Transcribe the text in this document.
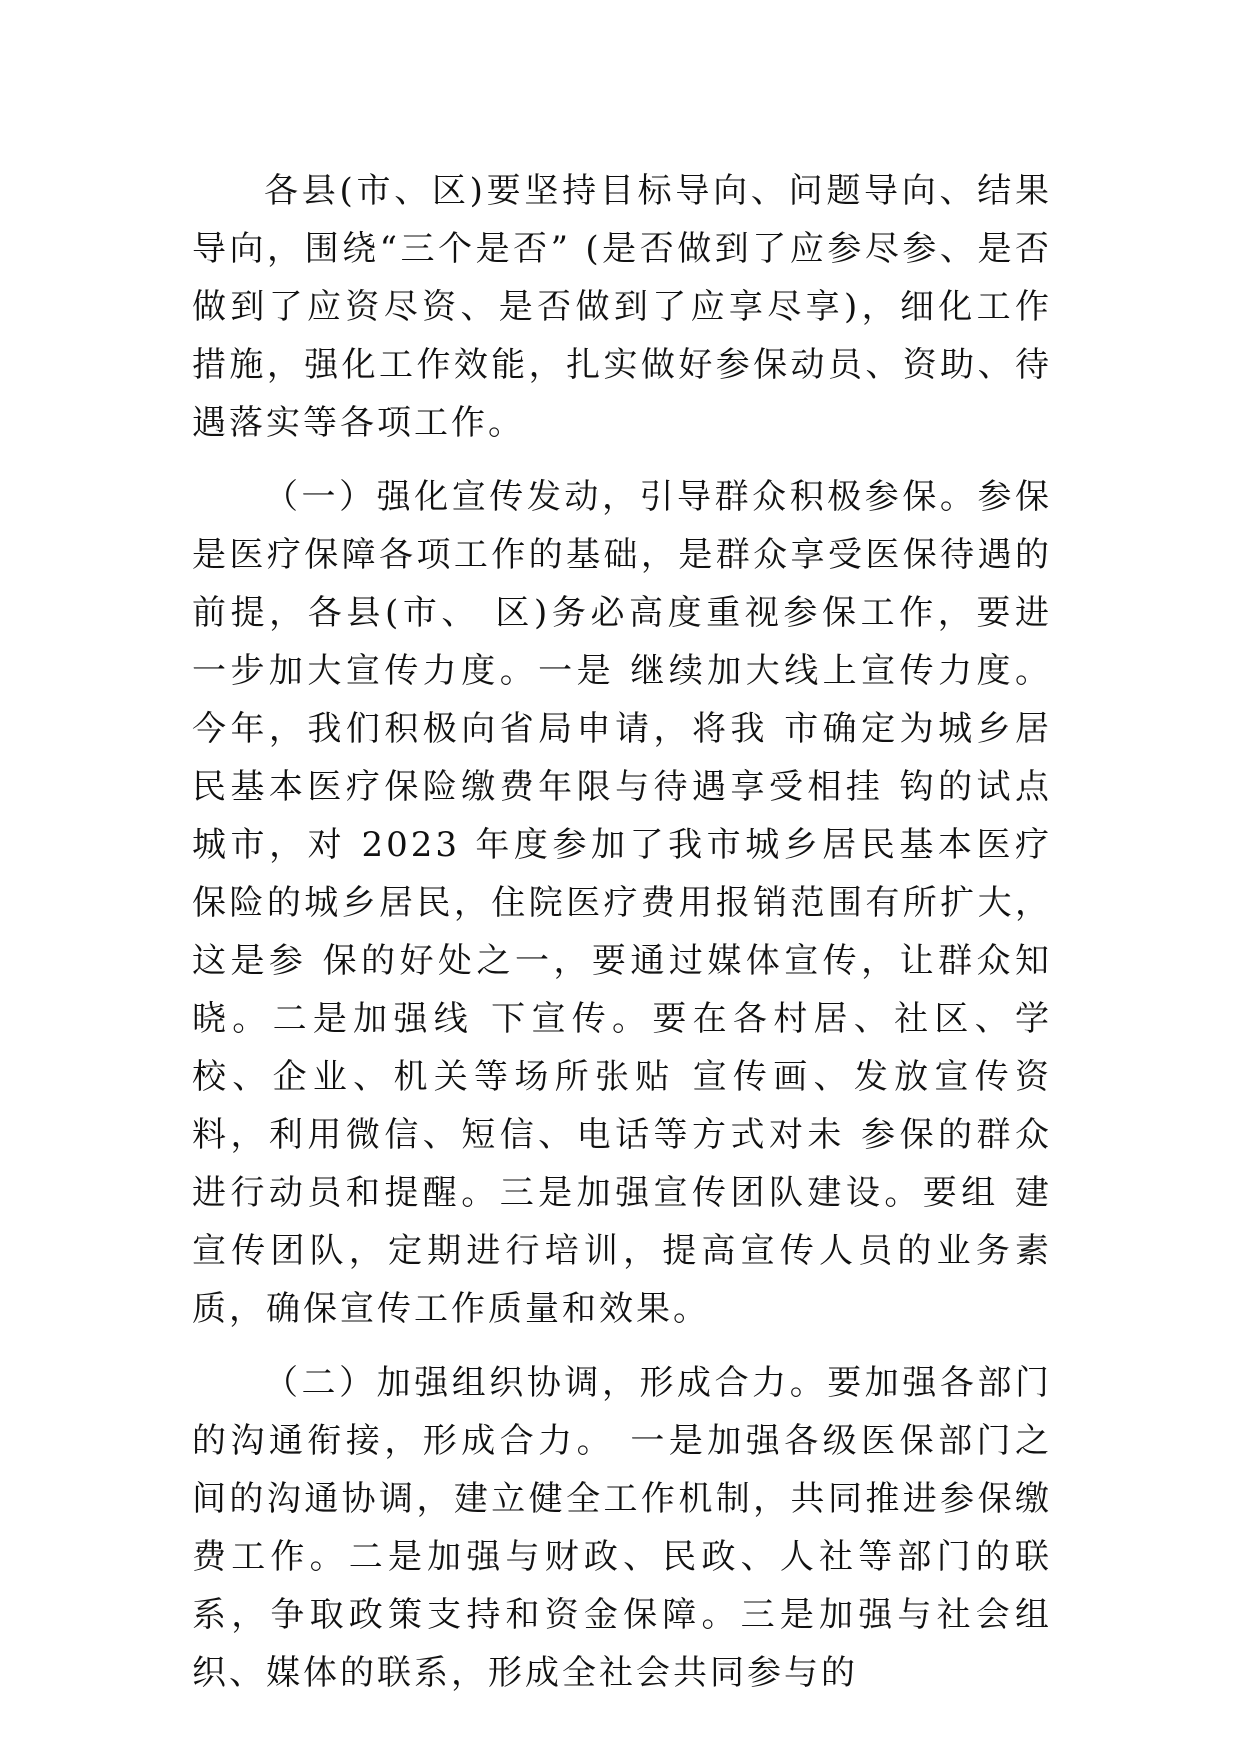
各县(市、区)要坚持目标导向、问题导向、结果导向，围绕“三个是否” (是否做到了应参尽参、是否做到了应资尽资、是否做到了应享尽享)，细化工作措施，强化工作效能，扎实做好参保动员、资助、待遇落实等各项工作。

（一）强化宣传发动，引导群众积极参保。参保是医疗保障各项工作的基础，是群众享受医保待遇的前提，各县(市、 区)务必高度重视参保工作，要进一步加大宣传力度。一是 继续加大线上宣传力度。今年，我们积极向省局申请，将我 市确定为城乡居民基本医疗保险缴费年限与待遇享受相挂 钩的试点城市，对 2023 年度参加了我市城乡居民基本医疗 保险的城乡居民，住院医疗费用报销范围有所扩大，这是参 保的好处之一，要通过媒体宣传，让群众知晓。二是加强线 下宣传。要在各村居、社区、学校、企业、机关等场所张贴 宣传画、发放宣传资料，利用微信、短信、电话等方式对未 参保的群众进行动员和提醒。三是加强宣传团队建设。要组 建宣传团队，定期进行培训，提高宣传人员的业务素质，确保宣传工作质量和效果。

（二）加强组织协调，形成合力。要加强各部门的沟通衔接，形成合力。 一是加强各级医保部门之间的沟通协调，建立健全工作机制，共同推进参保缴费工作。二是加强与财政、民政、人社等部门的联系，争取政策支持和资金保障。三是加强与社会组织、媒体的联系，形成全社会共同参与的
